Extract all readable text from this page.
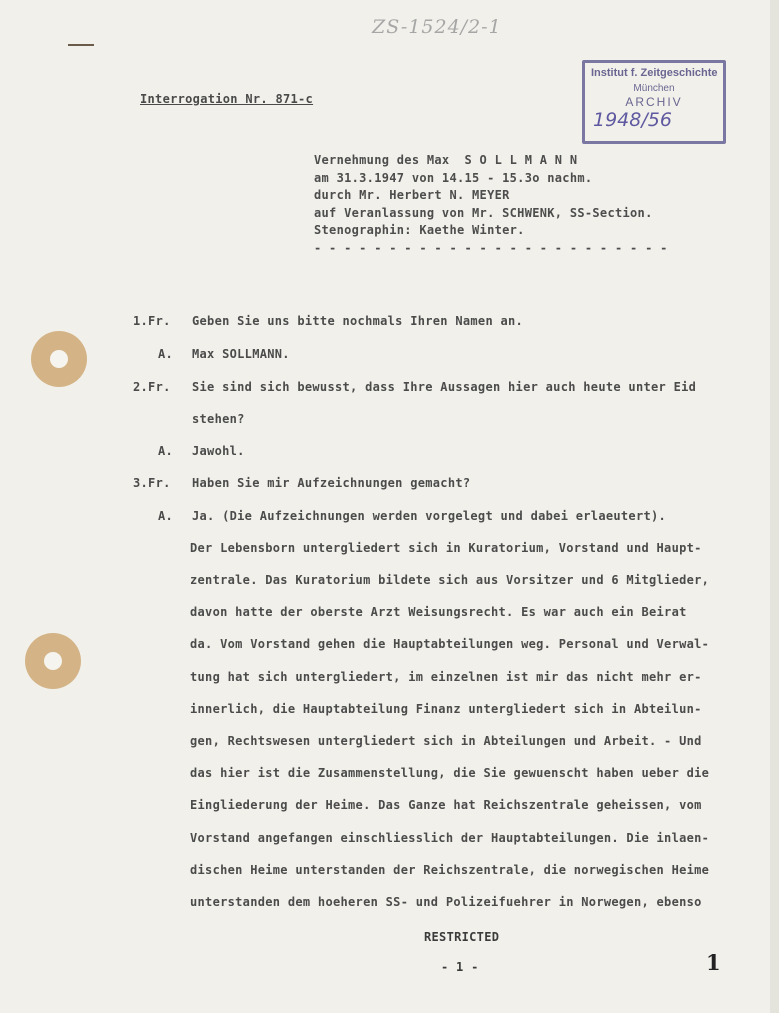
ZS-1524/2-1
Interrogation Nr. 871-c
Institut f. Zeitgeschichte
München
ARCHIV
1948/56
Vernehmung des Max  S O L L M A N N
am 31.3.1947 von 14.15 - 15.3o nachm.
durch Mr. Herbert N. MEYER
auf Veranlassung von Mr. SCHWENK, SS-Section.
Stenographin: Kaethe Winter.
- - - - - - - - - - - - - - - - - - - - - - - -
1.Fr. Geben Sie uns bitte nochmals Ihren Namen an.
A. Max SOLLMANN.
2.Fr. Sie sind sich bewusst, dass Ihre Aussagen hier auch heute unter Eid
stehen?
A. Jawohl.
3.Fr. Haben Sie mir Aufzeichnungen gemacht?
A. Ja. (Die Aufzeichnungen werden vorgelegt und dabei erlaeutert).
Der Lebensborn untergliedert sich in Kuratorium, Vorstand und Haupt-
zentrale. Das Kuratorium bildete sich aus Vorsitzer und 6 Mitglieder,
davon hatte der oberste Arzt Weisungsrecht. Es war auch ein Beirat
da. Vom Vorstand gehen die Hauptabteilungen weg. Personal und Verwal-
tung hat sich untergliedert, im einzelnen ist mir das nicht mehr er-
innerlich, die Hauptabteilung Finanz untergliedert sich in Abteilun-
gen, Rechtswesen untergliedert sich in Abteilungen und Arbeit. - Und
das hier ist die Zusammenstellung, die Sie gewuenscht haben ueber die
Eingliederung der Heime. Das Ganze hat Reichszentrale geheissen, vom
Vorstand angefangen einschliesslich der Hauptabteilungen. Die inlaen-
dischen Heime unterstanden der Reichszentrale, die norwegischen Heime
unterstanden dem hoeheren SS- und Polizeifuehrer in Norwegen, ebenso
RESTRICTED
- 1 -	1
